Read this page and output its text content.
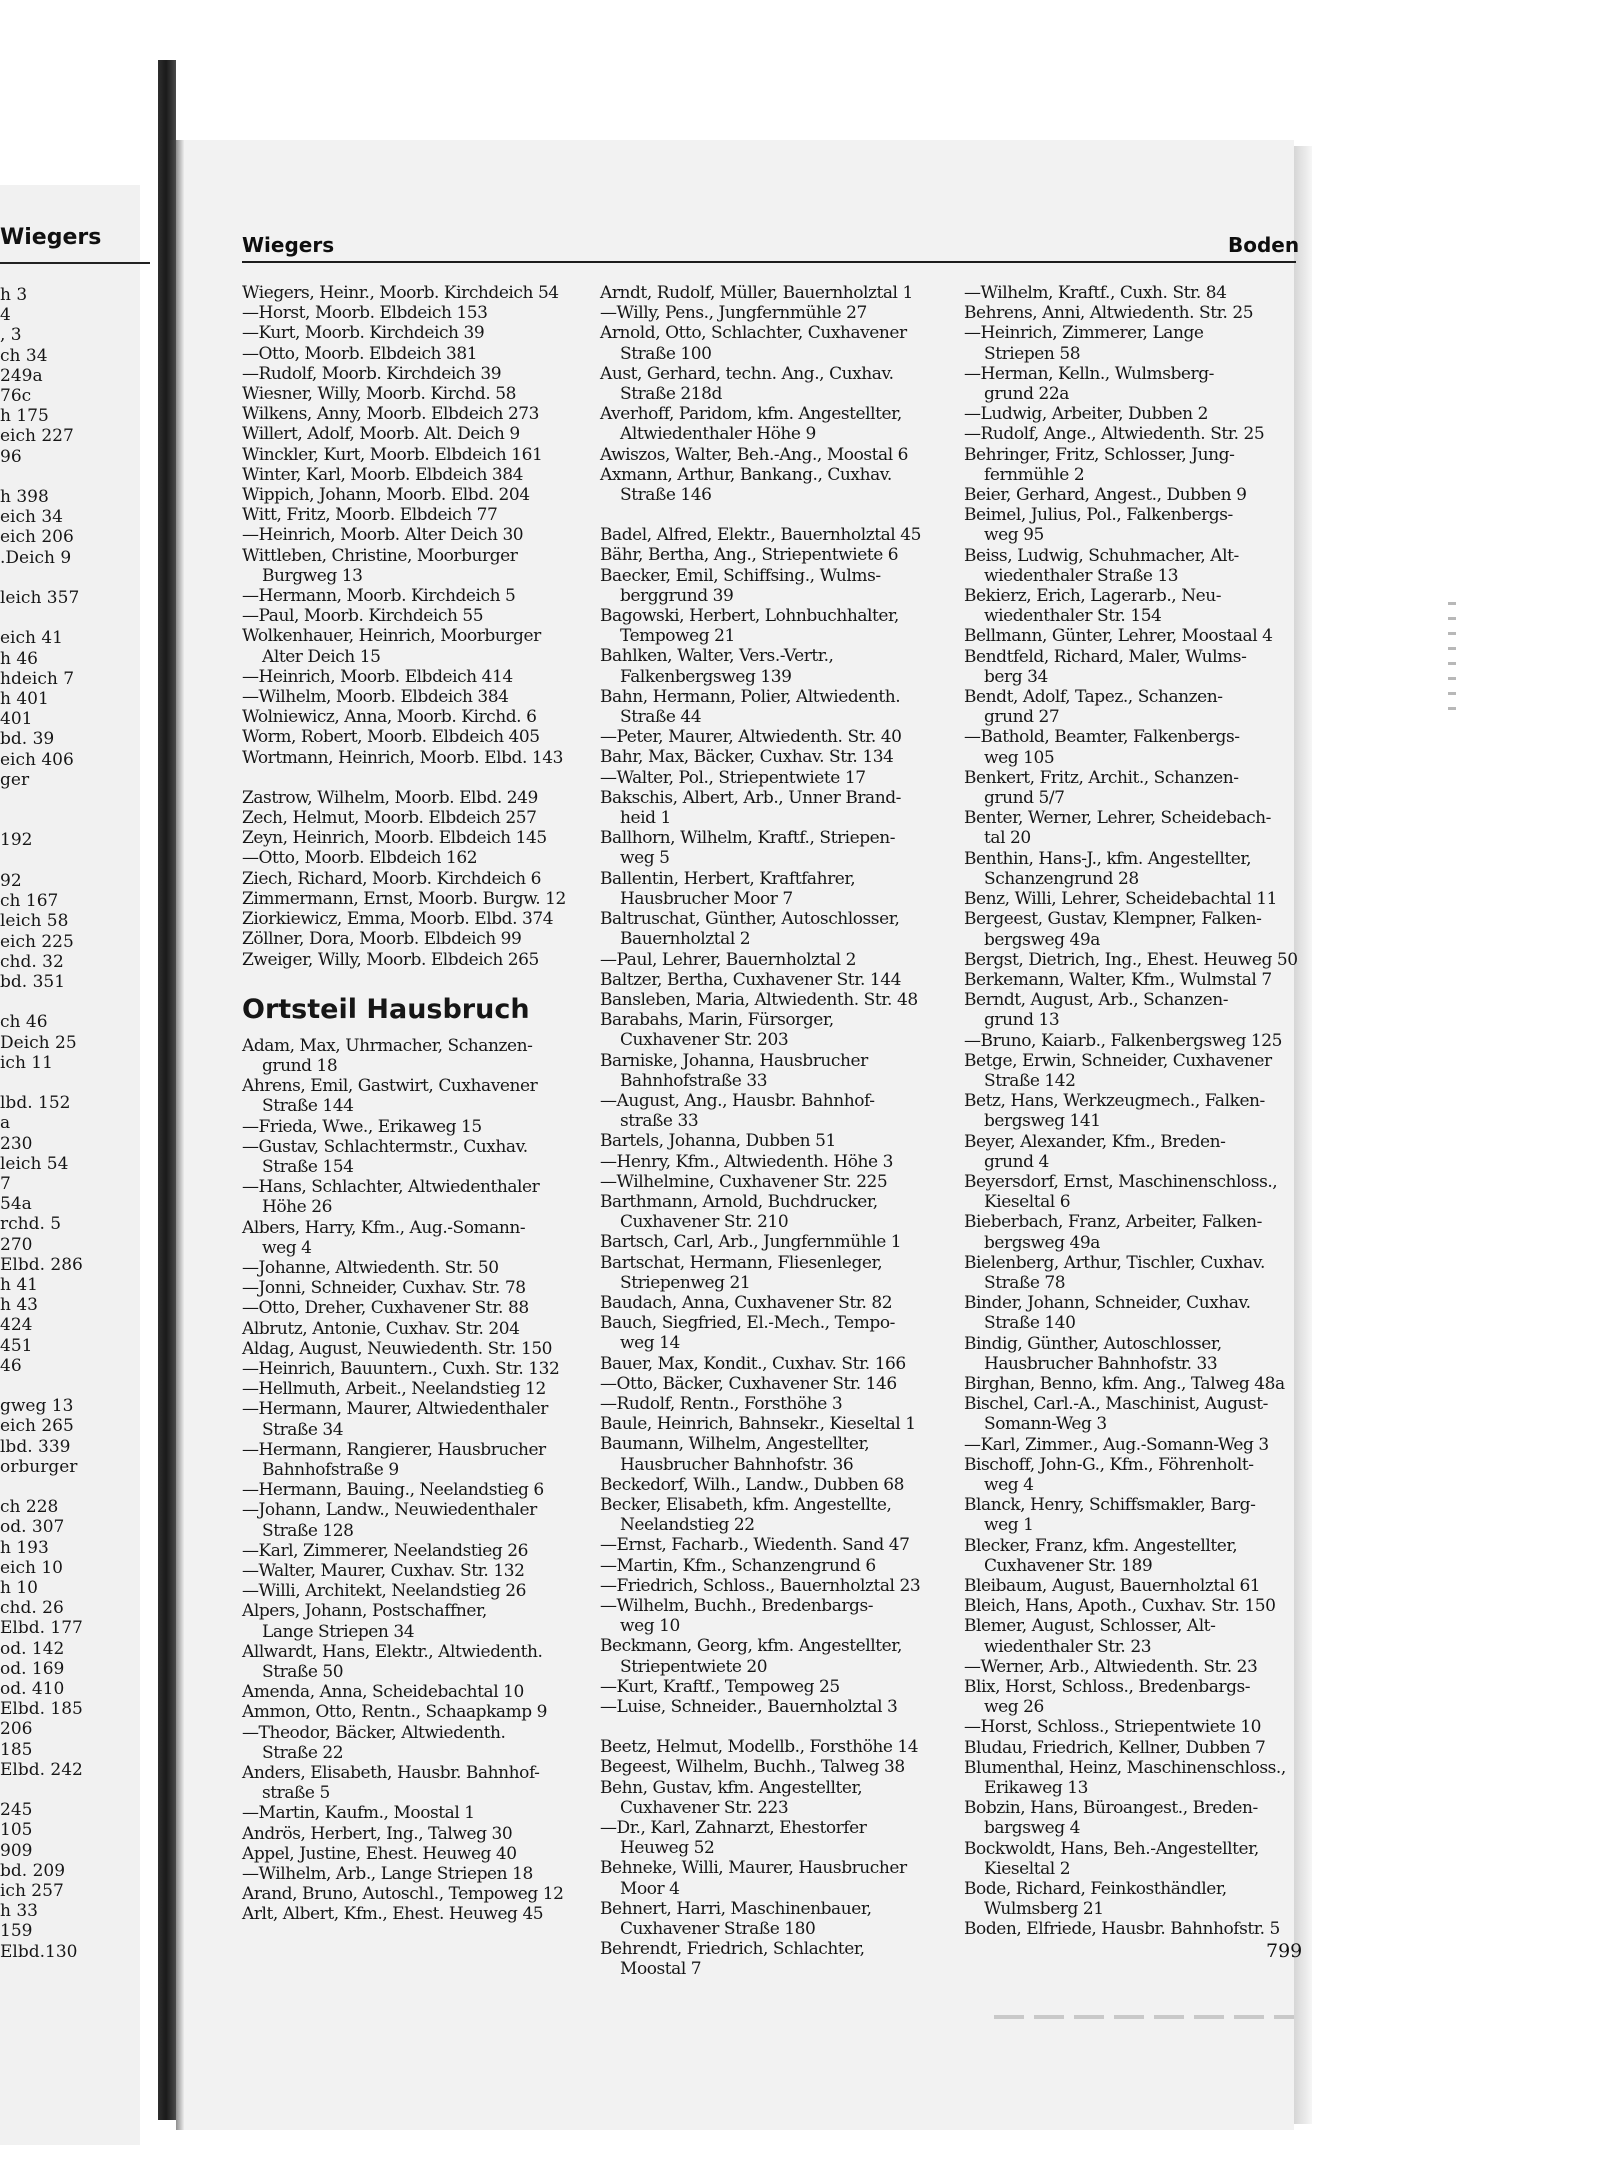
Wiegers
h 3
4
, 3
ch 34
249a
76c
h 175
eich 227
96

h 398
eich 34
eich 206
.Deich 9

leich 357

eich 41
h 46
hdeich 7
h 401
401
bd. 39
eich 406
ger

192

92
ch 167
leich 58
eich 225
chd. 32
bd. 351

ch 46
Deich 25
ich 11

lbd. 152
a
230
leich 54
7
54a
rchd. 5
270
Elbd. 286
h 41
h 43
424
451
46

gweg 13
eich 265
lbd. 339
orburger

ch 228
od. 307
h 193
eich 10
h 10
chd. 26
Elbd. 177
od. 142
od. 169
od. 410
Elbd. 185
206
185
Elbd. 242

245
105
909
bd. 209
ich 257
h 33
159
Elbd.130
Wiegers	Boden
Wiegers, Heinr., Moorb. Kirchdeich 54
—Horst, Moorb. Elbdeich 153
—Kurt, Moorb. Kirchdeich 39
—Otto, Moorb. Elbdeich 381
—Rudolf, Moorb. Kirchdeich 39
Wiesner, Willy, Moorb. Kirchd. 58
Wilkens, Anny, Moorb. Elbdeich 273
Willert, Adolf, Moorb. Alt. Deich 9
Winckler, Kurt, Moorb. Elbdeich 161
Winter, Karl, Moorb. Elbdeich 384
Wippich, Johann, Moorb. Elbd. 204
Witt, Fritz, Moorb. Elbdeich 77
—Heinrich, Moorb. Alter Deich 30
Wittleben, Christine, Moorburger
Burgweg 13
—Hermann, Moorb. Kirchdeich 5
—Paul, Moorb. Kirchdeich 55
Wolkenhauer, Heinrich, Moorburger
Alter Deich 15
—Heinrich, Moorb. Elbdeich 414
—Wilhelm, Moorb. Elbdeich 384
Wolniewicz, Anna, Moorb. Kirchd. 6
Worm, Robert, Moorb. Elbdeich 405
Wortmann, Heinrich, Moorb. Elbd. 143
Zastrow, Wilhelm, Moorb. Elbd. 249
Zech, Helmut, Moorb. Elbdeich 257
Zeyn, Heinrich, Moorb. Elbdeich 145
—Otto, Moorb. Elbdeich 162
Ziech, Richard, Moorb. Kirchdeich 6
Zimmermann, Ernst, Moorb. Burgw. 12
Ziorkiewicz, Emma, Moorb. Elbd. 374
Zöllner, Dora, Moorb. Elbdeich 99
Zweiger, Willy, Moorb. Elbdeich 265
Ortsteil Hausbruch
Adam, Max, Uhrmacher, Schanzen-
grund 18
Ahrens, Emil, Gastwirt, Cuxhavener
Straße 144
—Frieda, Wwe., Erikaweg 15
—Gustav, Schlachtermstr., Cuxhav.
Straße 154
—Hans, Schlachter, Altwiedenthaler
Höhe 26
Albers, Harry, Kfm., Aug.-Somann-
weg 4
—Johanne, Altwiedenth. Str. 50
—Jonni, Schneider, Cuxhav. Str. 78
—Otto, Dreher, Cuxhavener Str. 88
Albrutz, Antonie, Cuxhav. Str. 204
Aldag, August, Neuwiedenth. Str. 150
—Heinrich, Bauuntern., Cuxh. Str. 132
—Hellmuth, Arbeit., Neelandstieg 12
—Hermann, Maurer, Altwiedenthaler
Straße 34
—Hermann, Rangierer, Hausbrucher
Bahnhofstraße 9
—Hermann, Bauing., Neelandstieg 6
—Johann, Landw., Neuwiedenthaler
Straße 128
—Karl, Zimmerer, Neelandstieg 26
—Walter, Maurer, Cuxhav. Str. 132
—Willi, Architekt, Neelandstieg 26
Alpers, Johann, Postschaffner,
Lange Striepen 34
Allwardt, Hans, Elektr., Altwiedenth.
Straße 50
Amenda, Anna, Scheidebachtal 10
Ammon, Otto, Rentn., Schaapkamp 9
—Theodor, Bäcker, Altwiedenth.
Straße 22
Anders, Elisabeth, Hausbr. Bahnhof-
straße 5
—Martin, Kaufm., Moostal 1
Andrös, Herbert, Ing., Talweg 30
Appel, Justine, Ehest. Heuweg 40
—Wilhelm, Arb., Lange Striepen 18
Arand, Bruno, Autoschl., Tempoweg 12
Arlt, Albert, Kfm., Ehest. Heuweg 45
Arndt, Rudolf, Müller, Bauernholztal 1
—Willy, Pens., Jungfernmühle 27
Arnold, Otto, Schlachter, Cuxhavener
Straße 100
Aust, Gerhard, techn. Ang., Cuxhav.
Straße 218d
Averhoff, Paridom, kfm. Angestellter,
Altwiedenthaler Höhe 9
Awiszos, Walter, Beh.-Ang., Moostal 6
Axmann, Arthur, Bankang., Cuxhav.
Straße 146
Badel, Alfred, Elektr., Bauernholztal 45
Bähr, Bertha, Ang., Striepentwiete 6
Baecker, Emil, Schiffsing., Wulms-
berggrund 39
Bagowski, Herbert, Lohnbuchhalter,
Tempoweg 21
Bahlken, Walter, Vers.-Vertr.,
Falkenbergsweg 139
Bahn, Hermann, Polier, Altwiedenth.
Straße 44
—Peter, Maurer, Altwiedenth. Str. 40
Bahr, Max, Bäcker, Cuxhav. Str. 134
—Walter, Pol., Striepentwiete 17
Bakschis, Albert, Arb., Unner Brand-
heid 1
Ballhorn, Wilhelm, Kraftf., Striepen-
weg 5
Ballentin, Herbert, Kraftfahrer,
Hausbrucher Moor 7
Baltruschat, Günther, Autoschlosser,
Bauernholztal 2
—Paul, Lehrer, Bauernholztal 2
Baltzer, Bertha, Cuxhavener Str. 144
Bansleben, Maria, Altwiedenth. Str. 48
Barabahs, Marin, Fürsorger,
Cuxhavener Str. 203
Barniske, Johanna, Hausbrucher
Bahnhofstraße 33
—August, Ang., Hausbr. Bahnhof-
straße 33
Bartels, Johanna, Dubben 51
—Henry, Kfm., Altwiedenth. Höhe 3
—Wilhelmine, Cuxhavener Str. 225
Barthmann, Arnold, Buchdrucker,
Cuxhavener Str. 210
Bartsch, Carl, Arb., Jungfernmühle 1
Bartschat, Hermann, Fliesenleger,
Striepenweg 21
Baudach, Anna, Cuxhavener Str. 82
Bauch, Siegfried, El.-Mech., Tempo-
weg 14
Bauer, Max, Kondit., Cuxhav. Str. 166
—Otto, Bäcker, Cuxhavener Str. 146
—Rudolf, Rentn., Forsthöhe 3
Baule, Heinrich, Bahnsekr., Kieseltal 1
Baumann, Wilhelm, Angestellter,
Hausbrucher Bahnhofstr. 36
Beckedorf, Wilh., Landw., Dubben 68
Becker, Elisabeth, kfm. Angestellte,
Neelandstieg 22
—Ernst, Facharb., Wiedenth. Sand 47
—Martin, Kfm., Schanzengrund 6
—Friedrich, Schloss., Bauernholztal 23
—Wilhelm, Buchh., Bredenbargs-
weg 10
Beckmann, Georg, kfm. Angestellter,
Striepentwiete 20
—Kurt, Kraftf., Tempoweg 25
—Luise, Schneider., Bauernholztal 3
Beetz, Helmut, Modellb., Forsthöhe 14
Begeest, Wilhelm, Buchh., Talweg 38
Behn, Gustav, kfm. Angestellter,
Cuxhavener Str. 223
—Dr., Karl, Zahnarzt, Ehestorfer
Heuweg 52
Behneke, Willi, Maurer, Hausbrucher
Moor 4
Behnert, Harri, Maschinenbauer,
Cuxhavener Straße 180
Behrendt, Friedrich, Schlachter,
Moostal 7
—Wilhelm, Kraftf., Cuxh. Str. 84
Behrens, Anni, Altwiedenth. Str. 25
—Heinrich, Zimmerer, Lange
Striepen 58
—Herman, Kelln., Wulmsberg-
grund 22a
—Ludwig, Arbeiter, Dubben 2
—Rudolf, Ange., Altwiedenth. Str. 25
Behringer, Fritz, Schlosser, Jung-
fernmühle 2
Beier, Gerhard, Angest., Dubben 9
Beimel, Julius, Pol., Falkenbergs-
weg 95
Beiss, Ludwig, Schuhmacher, Alt-
wiedenthaler Straße 13
Bekierz, Erich, Lagerarb., Neu-
wiedenthaler Str. 154
Bellmann, Günter, Lehrer, Moostaal 4
Bendtfeld, Richard, Maler, Wulms-
berg 34
Bendt, Adolf, Tapez., Schanzen-
grund 27
—Bathold, Beamter, Falkenbergs-
weg 105
Benkert, Fritz, Archit., Schanzen-
grund 5/7
Benter, Werner, Lehrer, Scheidebach-
tal 20
Benthin, Hans-J., kfm. Angestellter,
Schanzengrund 28
Benz, Willi, Lehrer, Scheidebachtal 11
Bergeest, Gustav, Klempner, Falken-
bergsweg 49a
Bergst, Dietrich, Ing., Ehest. Heuweg 50
Berkemann, Walter, Kfm., Wulmstal 7
Berndt, August, Arb., Schanzen-
grund 13
—Bruno, Kaiarb., Falkenbergsweg 125
Betge, Erwin, Schneider, Cuxhavener
Straße 142
Betz, Hans, Werkzeugmech., Falken-
bergsweg 141
Beyer, Alexander, Kfm., Breden-
grund 4
Beyersdorf, Ernst, Maschinenschloss.,
Kieseltal 6
Bieberbach, Franz, Arbeiter, Falken-
bergsweg 49a
Bielenberg, Arthur, Tischler, Cuxhav.
Straße 78
Binder, Johann, Schneider, Cuxhav.
Straße 140
Bindig, Günther, Autoschlosser,
Hausbrucher Bahnhofstr. 33
Birghan, Benno, kfm. Ang., Talweg 48a
Bischel, Carl.-A., Maschinist, August-
Somann-Weg 3
—Karl, Zimmer., Aug.-Somann-Weg 3
Bischoff, John-G., Kfm., Föhrenholt-
weg 4
Blanck, Henry, Schiffsmakler, Barg-
weg 1
Blecker, Franz, kfm. Angestellter,
Cuxhavener Str. 189
Bleibaum, August, Bauernholztal 61
Bleich, Hans, Apoth., Cuxhav. Str. 150
Blemer, August, Schlosser, Alt-
wiedenthaler Str. 23
—Werner, Arb., Altwiedenth. Str. 23
Blix, Horst, Schloss., Bredenbargs-
weg 26
—Horst, Schloss., Striepentwiete 10
Bludau, Friedrich, Kellner, Dubben 7
Blumenthal, Heinz, Maschinenschloss.,
Erikaweg 13
Bobzin, Hans, Büroangest., Breden-
bargsweg 4
Bockwoldt, Hans, Beh.-Angestellter,
Kieseltal 2
Bode, Richard, Feinkosthändler,
Wulmsberg 21
Boden, Elfriede, Hausbr. Bahnhofstr. 5
799
